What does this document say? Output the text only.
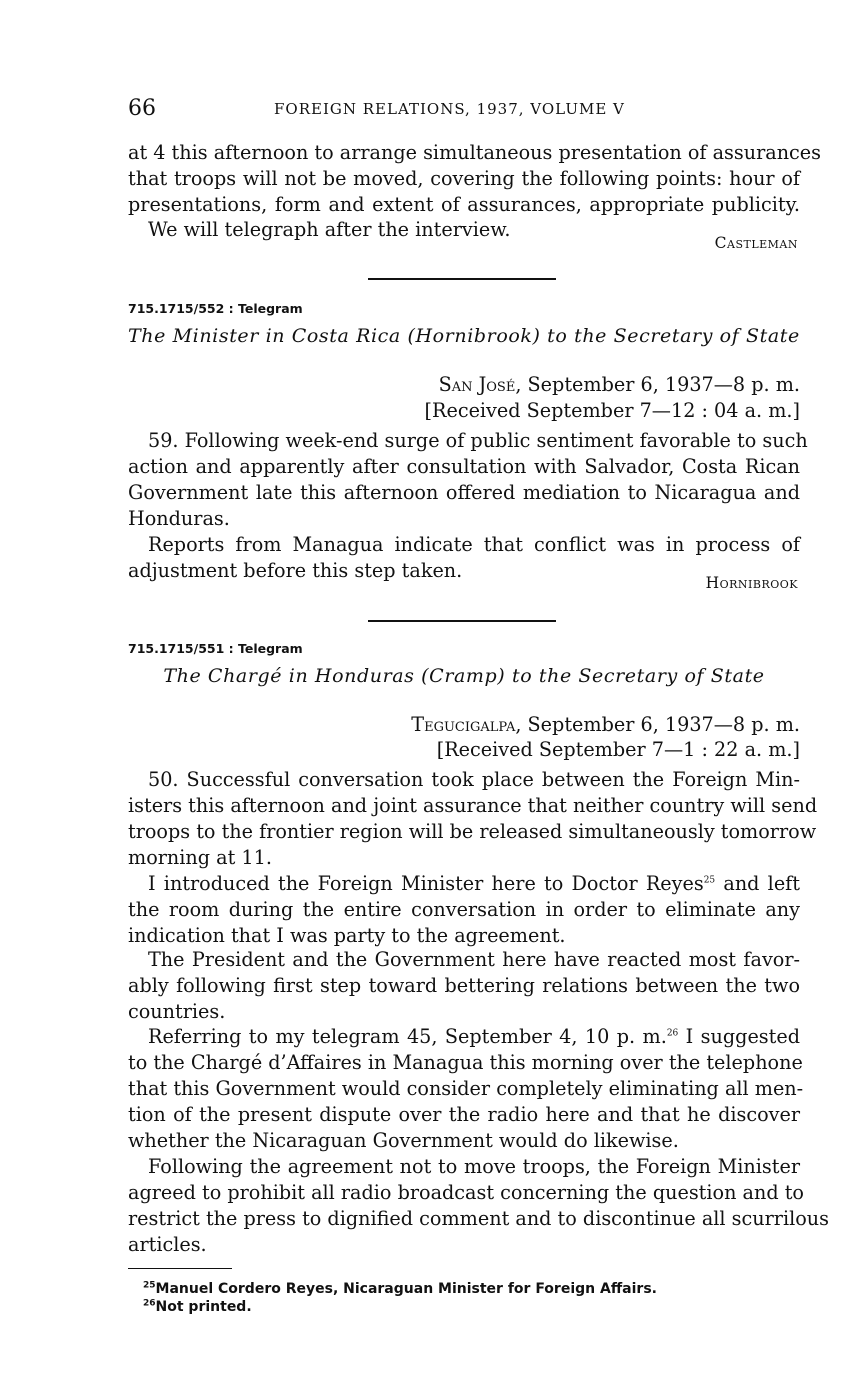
66	FOREIGN RELATIONS, 1937, VOLUME V
at 4 this afternoon to arrange simultaneous presentation of assurances
that troops will not be moved, covering the following points: hour of
presentations, form and extent of assurances, appropriate publicity.
We will telegraph after the interview.
Castleman
715.1715/552 : Telegram
The Minister in Costa Rica (Hornibrook) to the Secretary of State
San José, September 6, 1937—8 p. m.
[Received September 7—12 : 04 a. m.]
59. Following week-end surge of public sentiment favorable to such
action and apparently after consultation with Salvador, Costa Rican
Government late this afternoon offered mediation to Nicaragua and
Honduras.
Reports from Managua indicate that conflict was in process of
adjustment before this step taken.
Hornibrook
715.1715/551 : Telegram
The Chargé in Honduras (Cramp) to the Secretary of State
Tegucigalpa, September 6, 1937—8 p. m.
[Received September 7—1 : 22 a. m.]
50. Successful conversation took place between the Foreign Min-
isters this afternoon and joint assurance that neither country will send
troops to the frontier region will be released simultaneously tomorrow
morning at 11.
I introduced the Foreign Minister here to Doctor Reyes$^{25}$ and left
the room during the entire conversation in order to eliminate any
indication that I was party to the agreement.
The President and the Government here have reacted most favor-
ably following first step toward bettering relations between the two
countries.
Referring to my telegram 45, September 4, 10 p. m.$^{26}$ I suggested
to the Chargé d’Affaires in Managua this morning over the telephone
that this Government would consider completely eliminating all men-
tion of the present dispute over the radio here and that he discover
whether the Nicaraguan Government would do likewise.
Following the agreement not to move troops, the Foreign Minister
agreed to prohibit all radio broadcast concerning the question and to
restrict the press to dignified comment and to discontinue all scurrilous
articles.
$^{25}$Manuel Cordero Reyes, Nicaraguan Minister for Foreign Affairs.
$^{26}$Not printed.
